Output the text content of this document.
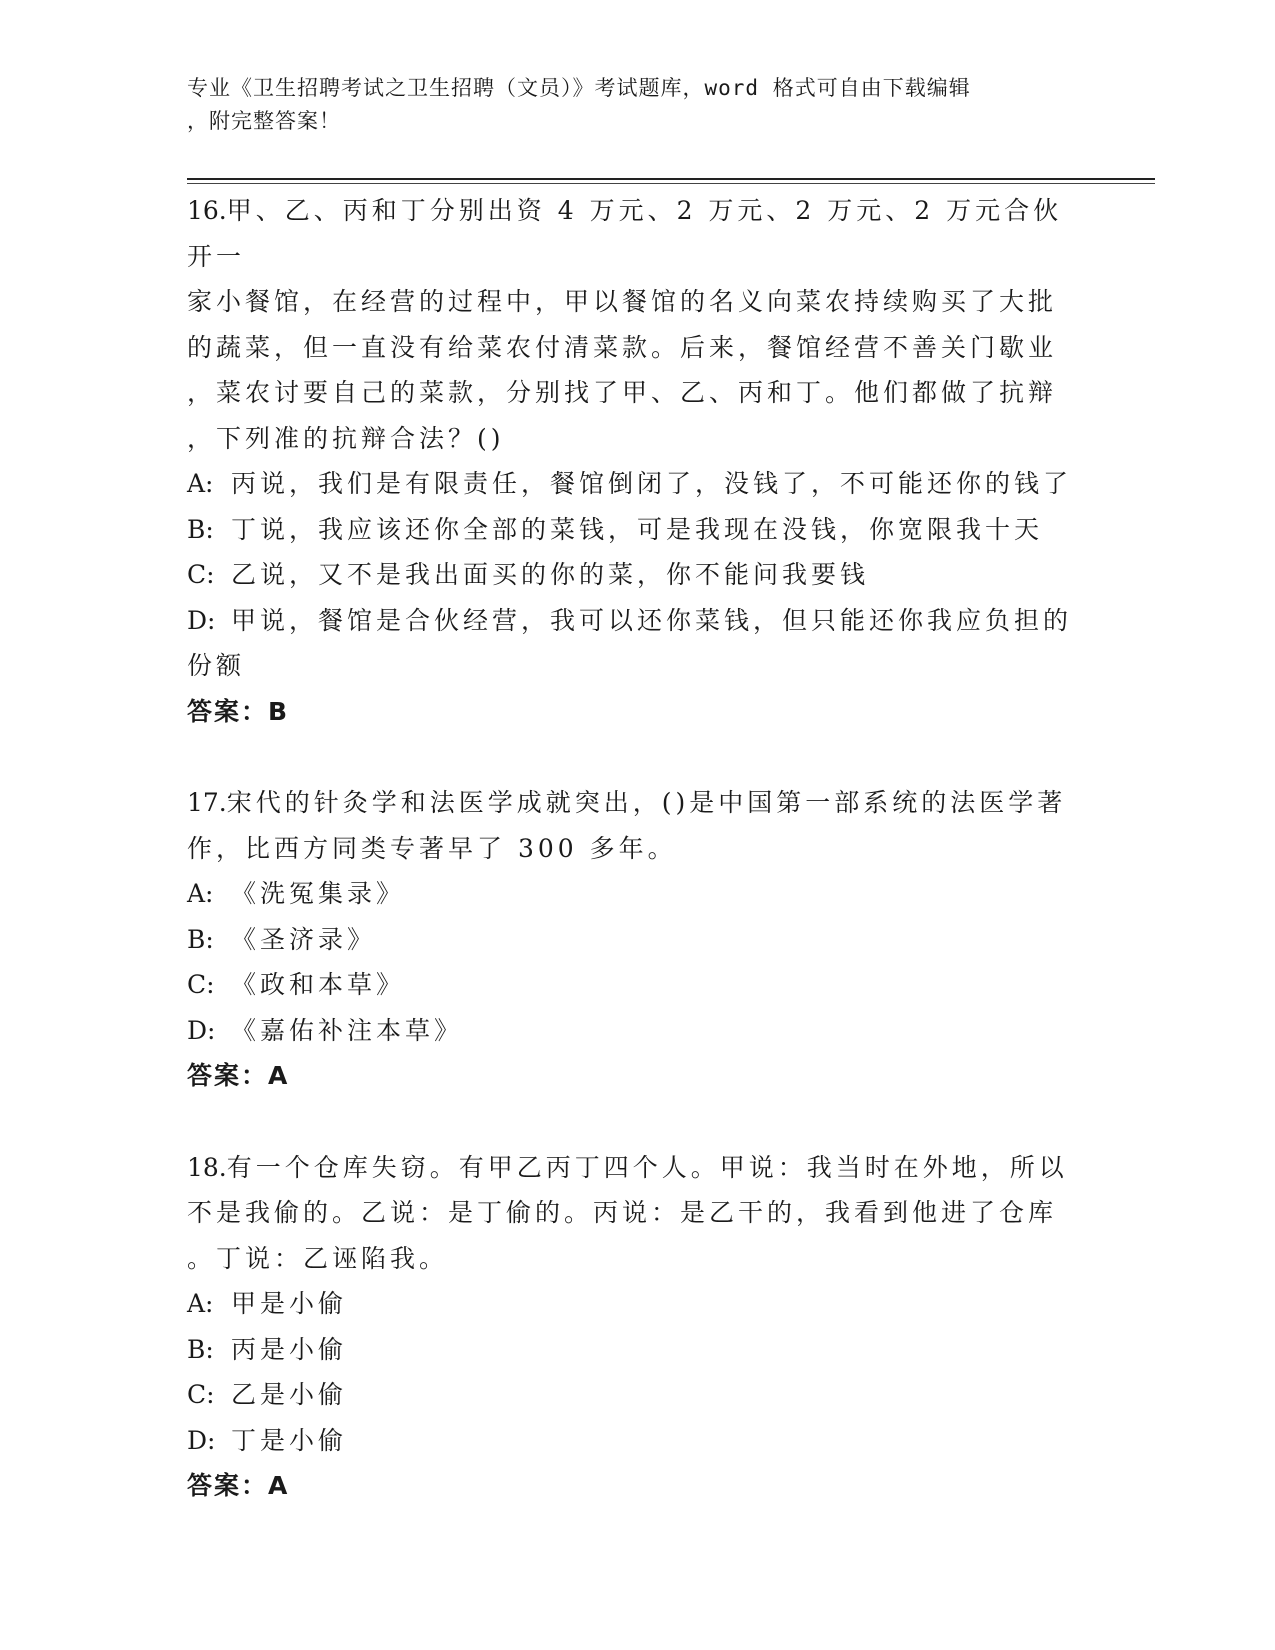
专业《卫生招聘考试之卫生招聘（文员）》考试题库，word 格式可自由下载编辑
，附完整答案！
16.甲、乙、丙和丁分别出资 4 万元、2 万元、2 万元、2 万元合伙开一
家小餐馆，在经营的过程中，甲以餐馆的名义向菜农持续购买了大批
的蔬菜，但一直没有给菜农付清菜款。后来，餐馆经营不善关门歇业
，菜农讨要自己的菜款，分别找了甲、乙、丙和丁。他们都做了抗辩
，下列准的抗辩合法？()
A: 丙说，我们是有限责任，餐馆倒闭了，没钱了，不可能还你的钱了
B: 丁说，我应该还你全部的菜钱，可是我现在没钱，你宽限我十天
C: 乙说，又不是我出面买的你的菜，你不能问我要钱
D: 甲说，餐馆是合伙经营，我可以还你菜钱，但只能还你我应负担的
份额
答案：B
17.宋代的针灸学和法医学成就突出，()是中国第一部系统的法医学著
作，比西方同类专著早了 300 多年。
A: 《洗冤集录》
B: 《圣济录》
C: 《政和本草》
D: 《嘉佑补注本草》
答案：A
18.有一个仓库失窃。有甲乙丙丁四个人。甲说：我当时在外地，所以
不是我偷的。乙说：是丁偷的。丙说：是乙干的，我看到他进了仓库
。丁说：乙诬陷我。
A: 甲是小偷
B: 丙是小偷
C: 乙是小偷
D: 丁是小偷
答案：A
